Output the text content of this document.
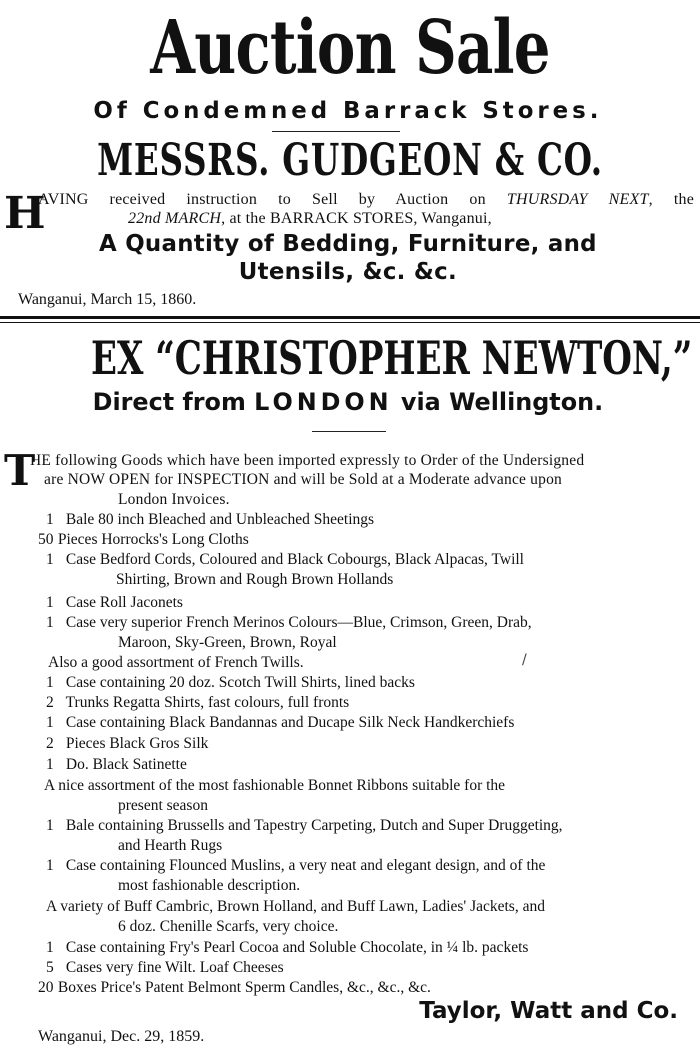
Auction Sale
Of Condemned Barrack Stores.
MESSRS. GUDGEON & CO.
H
AVING received instruction to Sell by Auction on THURSDAY NEXT, the
22nd MARCH, at the BARRACK STORES, Wanganui,
A Quantity of Bedding, Furniture, and
Utensils, &c. &c.
Wanganui, March 15, 1860.
EX “CHRISTOPHER NEWTON,”
Direct from LONDON via Wellington.
T
HE following Goods which have been imported expressly to Order of the Undersigned
are NOW OPEN for INSPECTION and will be Sold at a Moderate advance upon
London Invoices.
1 Bale 80 inch Bleached and Unbleached Sheetings
50 Pieces Horrocks's Long Cloths
1 Case Bedford Cords, Coloured and Black Cobourgs, Black Alpacas, Twill
Shirting, Brown and Rough Brown Hollands
1 Case Roll Jaconets
1 Case very superior French Merinos Colours—Blue, Crimson, Green, Drab,
Maroon, Sky-Green, Brown, Royal
Also a good assortment of French Twills.
1 Case containing 20 doz. Scotch Twill Shirts, lined backs
2 Trunks Regatta Shirts, fast colours, full fronts
1 Case containing Black Bandannas and Ducape Silk Neck Handkerchiefs
2 Pieces Black Gros Silk
1 Do. Black Satinette
A nice assortment of the most fashionable Bonnet Ribbons suitable for the
present season
1 Bale containing Brussells and Tapestry Carpeting, Dutch and Super Druggeting,
and Hearth Rugs
1 Case containing Flounced Muslins, a very neat and elegant design, and of the
most fashionable description.
A variety of Buff Cambric, Brown Holland, and Buff Lawn, Ladies' Jackets, and
6 doz. Chenille Scarfs, very choice.
1 Case containing Fry's Pearl Cocoa and Soluble Chocolate, in ¼ lb. packets
5 Cases very fine Wilt. Loaf Cheeses
20 Boxes Price's Patent Belmont Sperm Candles, &c., &c., &c.
/
Taylor, Watt and Co.
Wanganui, Dec. 29, 1859.
